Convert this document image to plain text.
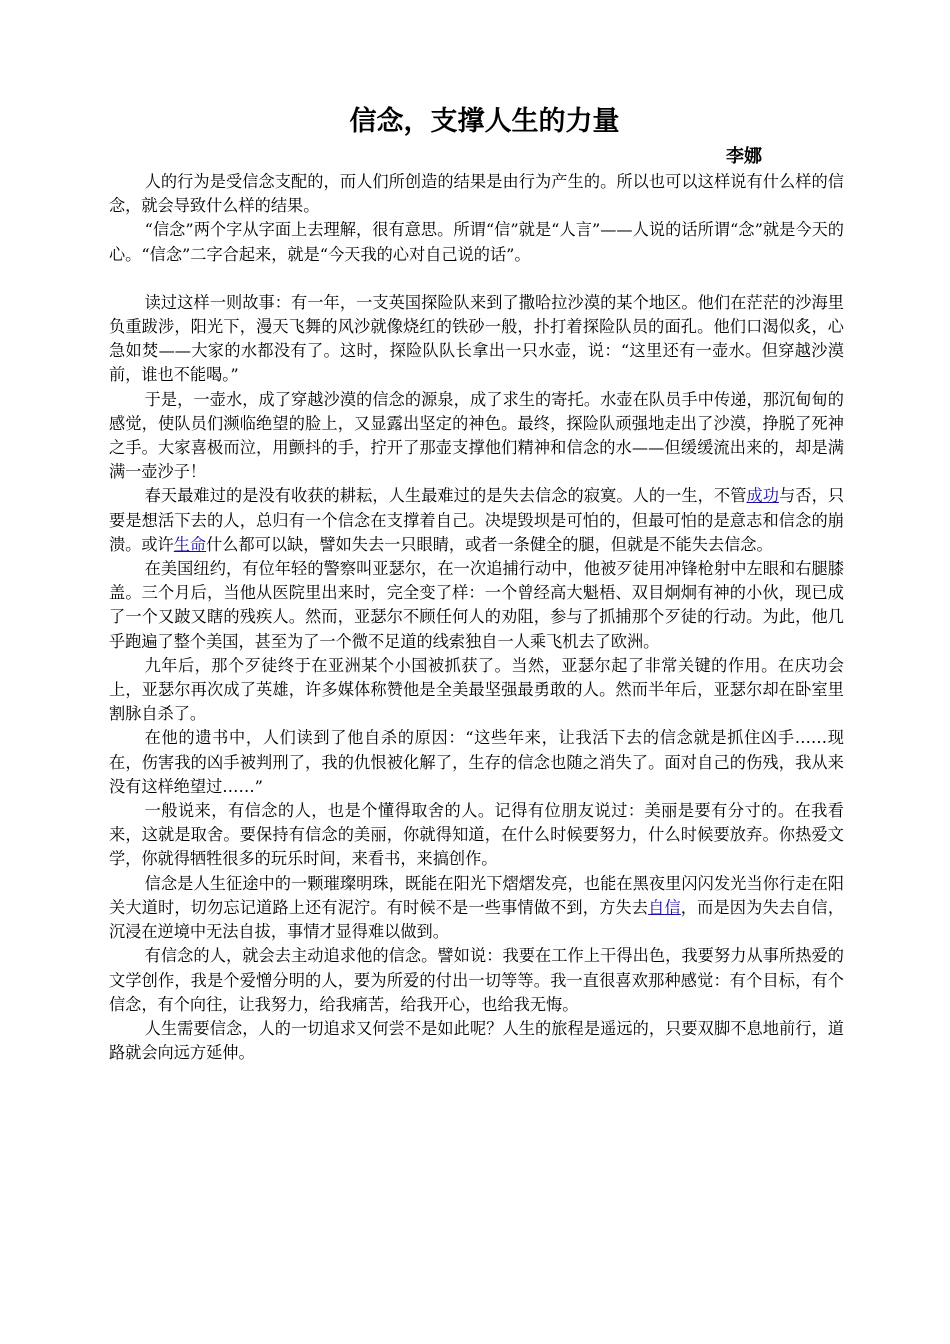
信念，支撑人生的力量
李娜

人的行为是受信念支配的，而人们所创造的结果是由行为产生的。所以也可以这样说有什么样的信念，就会导致什么样的结果。

“信念”两个字从字面上去理解，很有意思。所谓“信”就是“人言”——人说的话所谓“念”就是今天的心。“信念”二字合起来，就是“今天我的心对自己说的话”。

读过这样一则故事：有一年，一支英国探险队来到了撒哈拉沙漠的某个地区。他们在茫茫的沙海里负重跋涉，阳光下，漫天飞舞的风沙就像烧红的铁砂一般，扑打着探险队员的面孔。他们口渴似炙，心急如焚——大家的水都没有了。这时，探险队队长拿出一只水壶，说：“这里还有一壶水。但穿越沙漠前，谁也不能喝。”

于是，一壶水，成了穿越沙漠的信念的源泉，成了求生的寄托。水壶在队员手中传递，那沉甸甸的感觉，使队员们濒临绝望的脸上，又显露出坚定的神色。最终，探险队顽强地走出了沙漠，挣脱了死神之手。大家喜极而泣，用颤抖的手，拧开了那壶支撑他们精神和信念的水——但缓缓流出来的，却是满满一壶沙子！

春天最难过的是没有收获的耕耘，人生最难过的是失去信念的寂寞。人的一生，不管成功与否，只要是想活下去的人，总归有一个信念在支撑着自己。决堤毁坝是可怕的，但最可怕的是意志和信念的崩溃。或许生命什么都可以缺，譬如失去一只眼睛，或者一条健全的腿，但就是不能失去信念。

在美国纽约，有位年轻的警察叫亚瑟尔，在一次追捕行动中，他被歹徒用冲锋枪射中左眼和右腿膝盖。三个月后，当他从医院里出来时，完全变了样：一个曾经高大魁梧、双目炯炯有神的小伙，现已成了一个又跛又瞎的残疾人。然而，亚瑟尔不顾任何人的劝阻，参与了抓捕那个歹徒的行动。为此，他几乎跑遍了整个美国，甚至为了一个微不足道的线索独自一人乘飞机去了欧洲。

九年后，那个歹徒终于在亚洲某个小国被抓获了。当然，亚瑟尔起了非常关键的作用。在庆功会上，亚瑟尔再次成了英雄，许多媒体称赞他是全美最坚强最勇敢的人。然而半年后，亚瑟尔却在卧室里割脉自杀了。

在他的遗书中，人们读到了他自杀的原因：“这些年来，让我活下去的信念就是抓住凶手……现在，伤害我的凶手被判刑了，我的仇恨被化解了，生存的信念也随之消失了。面对自己的伤残，我从来没有这样绝望过……”

一般说来，有信念的人，也是个懂得取舍的人。记得有位朋友说过：美丽是要有分寸的。在我看来，这就是取舍。要保持有信念的美丽，你就得知道，在什么时候要努力，什么时候要放弃。你热爱文学，你就得牺牲很多的玩乐时间，来看书，来搞创作。

信念是人生征途中的一颗璀璨明珠，既能在阳光下熠熠发亮，也能在黑夜里闪闪发光当你行走在阳关大道时，切勿忘记道路上还有泥泞。有时候不是一些事情做不到，方失去自信，而是因为失去自信，沉浸在逆境中无法自拔，事情才显得难以做到。

有信念的人，就会去主动追求他的信念。譬如说：我要在工作上干得出色，我要努力从事所热爱的文学创作，我是个爱憎分明的人，要为所爱的付出一切等等。我一直很喜欢那种感觉：有个目标，有个信念，有个向往，让我努力，给我痛苦，给我开心，也给我无悔。

人生需要信念，人的一切追求又何尝不是如此呢？人生的旅程是遥远的，只要双脚不息地前行，道路就会向远方延伸。
